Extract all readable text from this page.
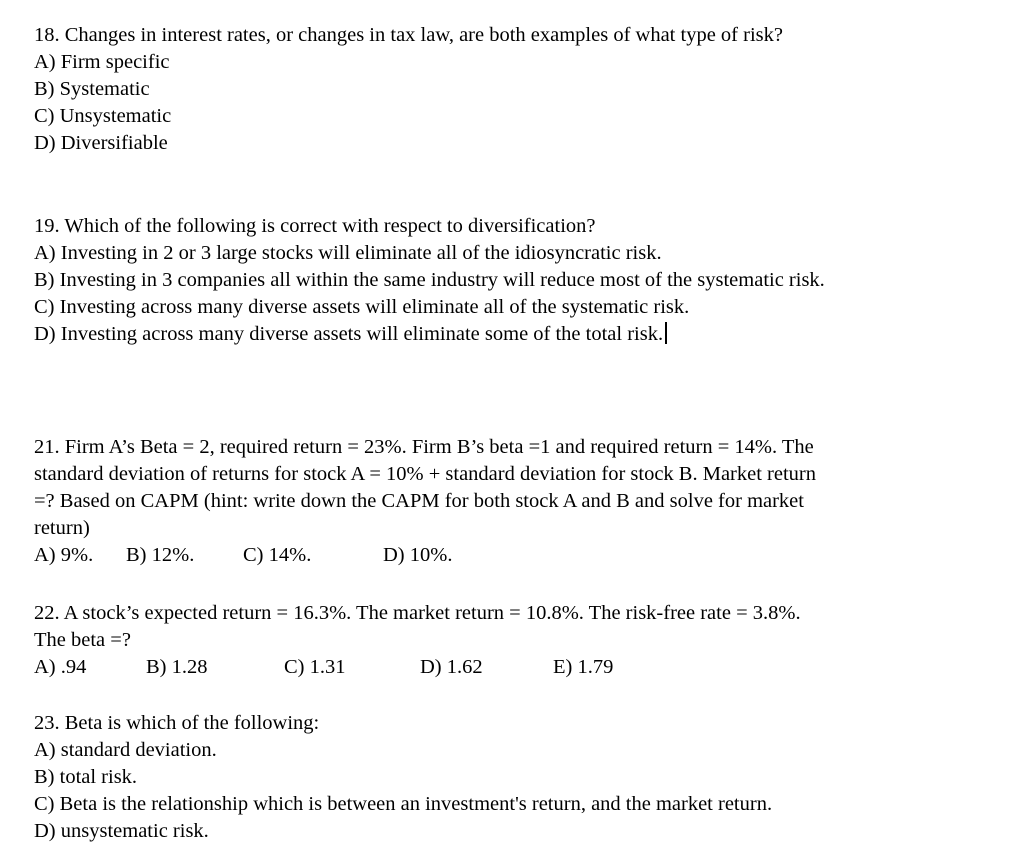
18. Changes in interest rates, or changes in tax law, are both examples of what type of risk?
A) Firm specific
B) Systematic
C) Unsystematic
D) Diversifiable
19. Which of the following is correct with respect to diversification?
A) Investing in 2 or 3 large stocks will eliminate all of the idiosyncratic risk.
B) Investing in 3 companies all within the same industry will reduce most of the systematic risk.
C) Investing across many diverse assets will eliminate all of the systematic risk.
D) Investing across many diverse assets will eliminate some of the total risk.
21. Firm A’s Beta = 2, required return = 23%. Firm B’s beta =1 and required return = 14%. The
standard deviation of returns for stock A = 10% + standard deviation for stock B. Market return
=? Based on CAPM (hint: write down the CAPM for both stock A and B and solve for market
return)
A) 9%. B) 12%. C) 14%.	D) 10%.
22. A stock’s expected return = 16.3%. The market return = 10.8%. The risk-free rate = 3.8%.
The beta =?
A) .94	B) 1.28	C) 1.31	D) 1.62	E) 1.79
23. Beta is which of the following:
A) standard deviation.
B) total risk.
C) Beta is the relationship which is between an investment's return, and the market return.
D) unsystematic risk.
